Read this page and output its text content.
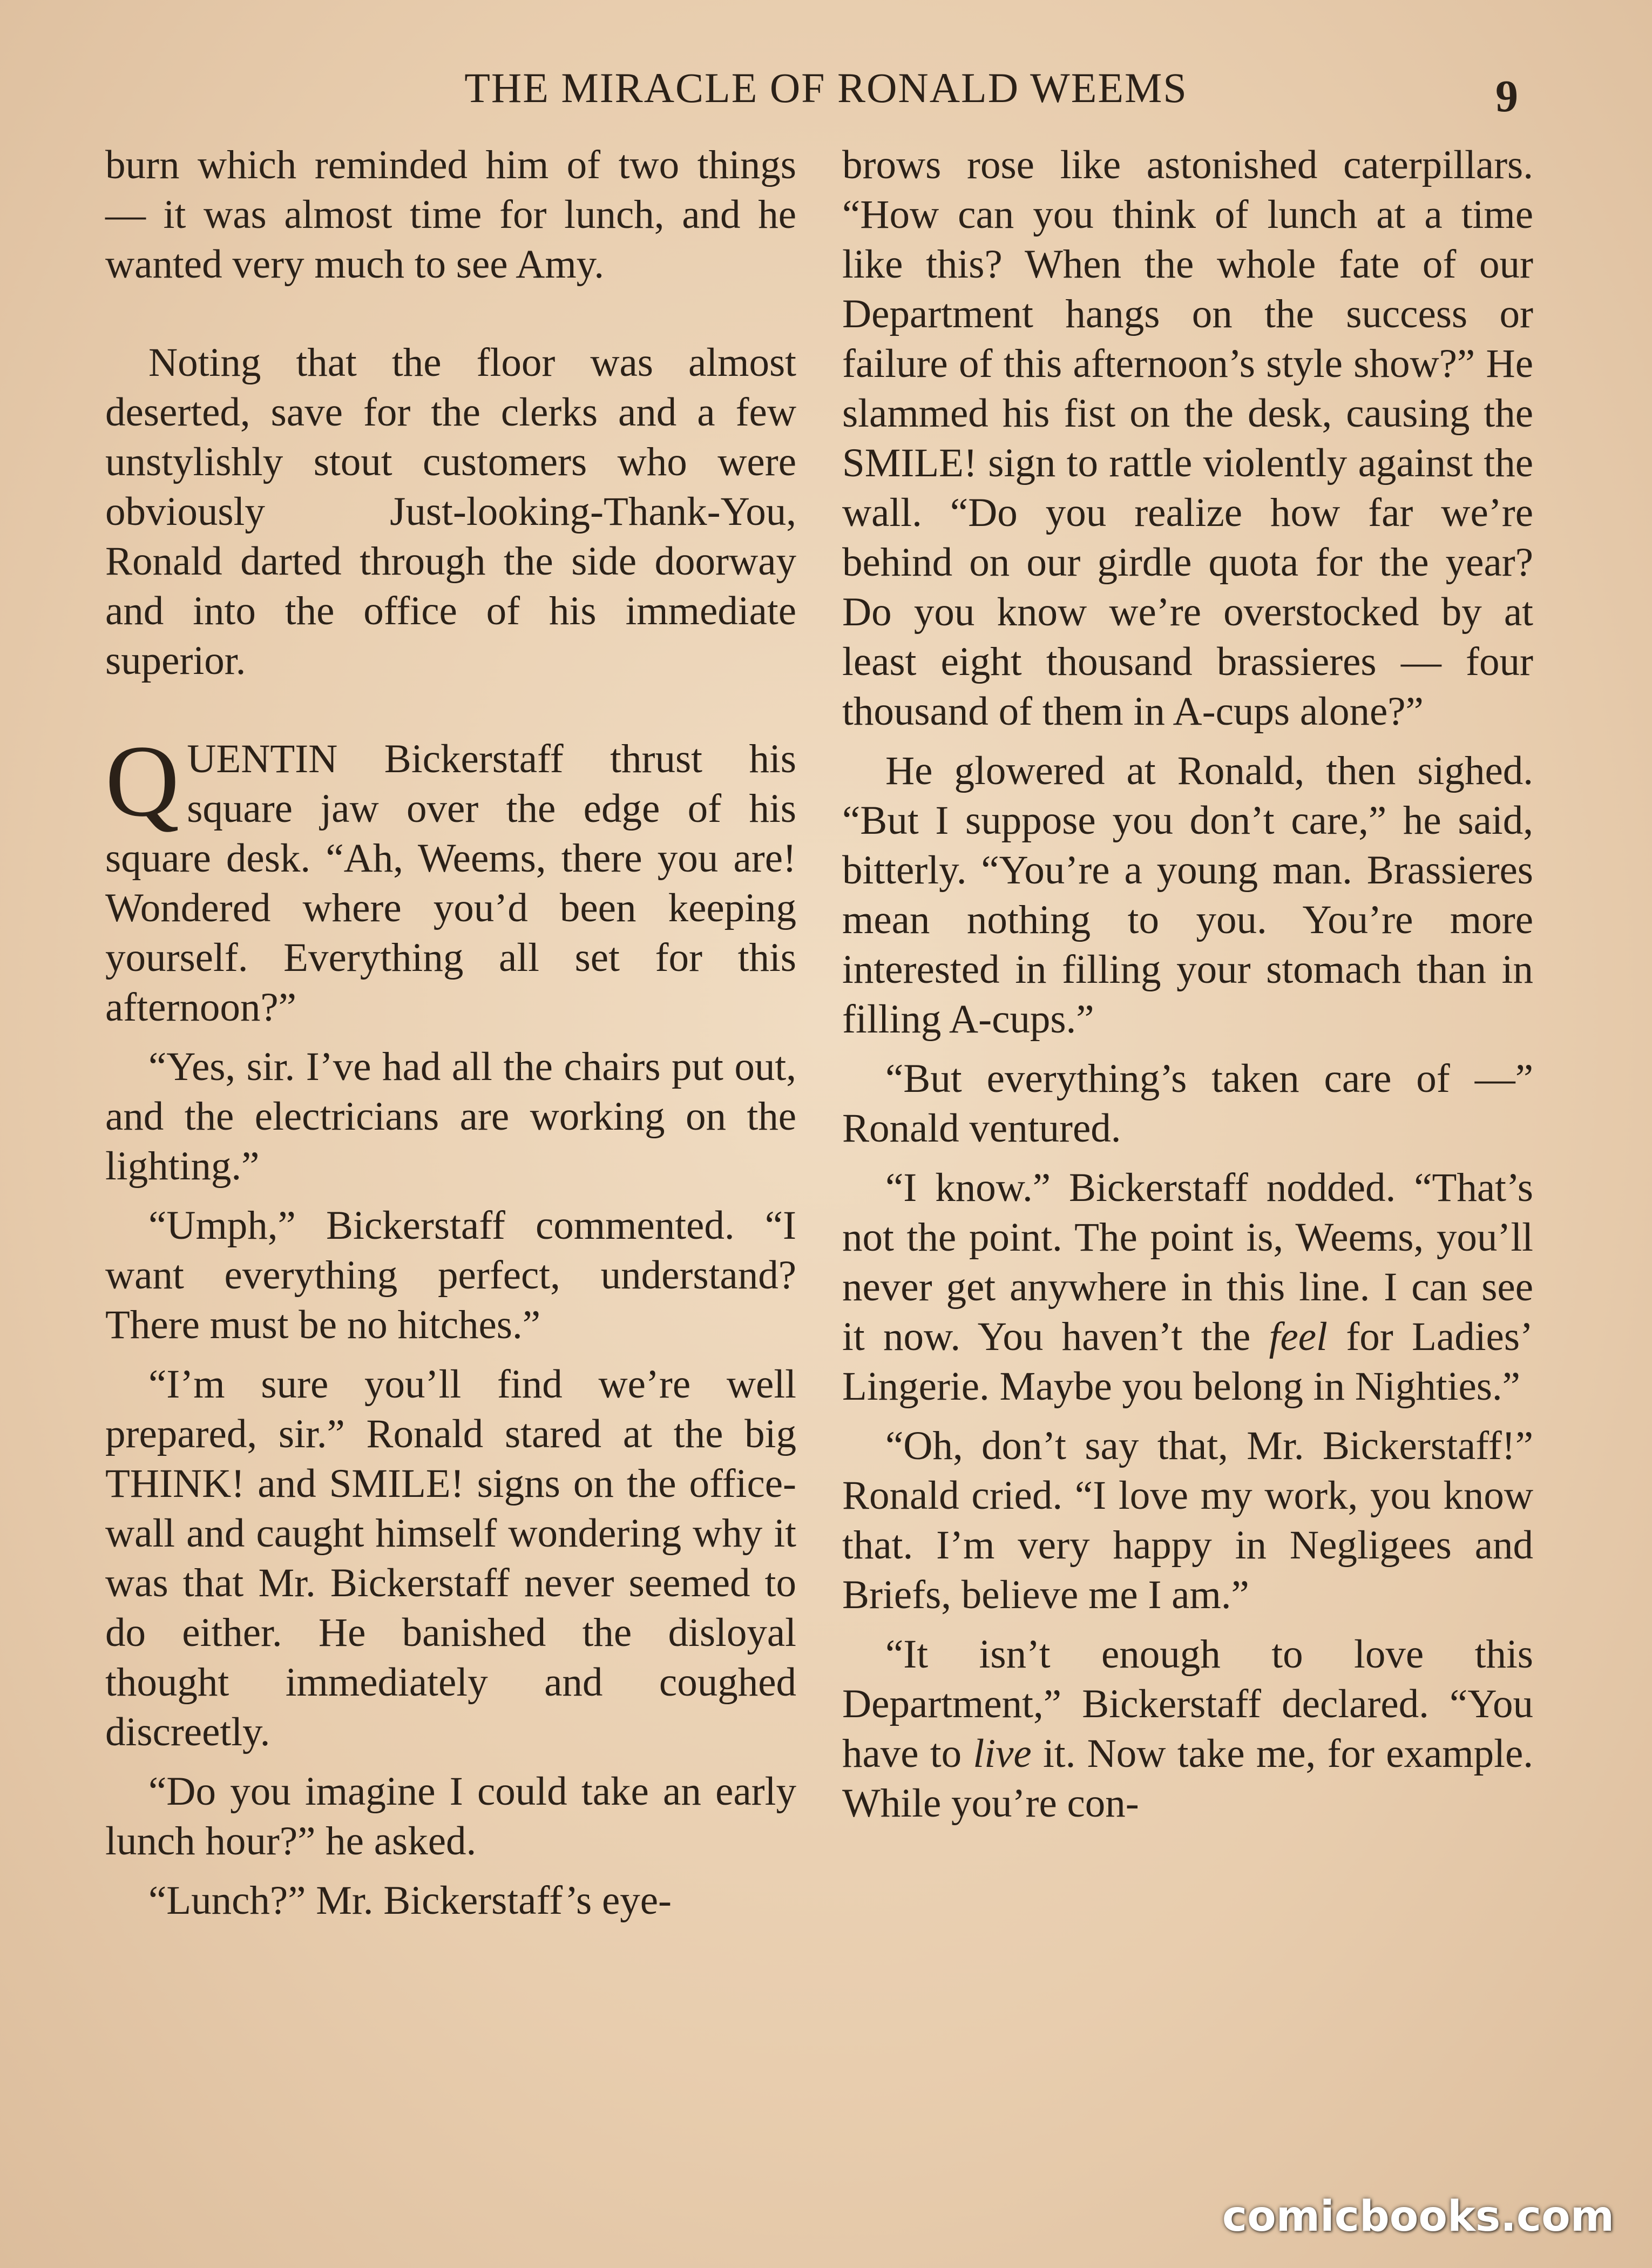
THE MIRACLE OF RONALD WEEMS	9

burn which reminded him of two things — it was almost time for lunch, and he wanted very much to see Amy.

Noting that the floor was almost deserted, save for the clerks and a few unstylishly stout customers who were obviously Just-looking-Thank-You, Ronald darted through the side doorway and into the office of his immediate superior.

QUENTIN Bickerstaff thrust his square jaw over the edge of his square desk. “Ah, Weems, there you are! Wondered where you’d been keeping yourself. Everything all set for this afternoon?”

“Yes, sir. I’ve had all the chairs put out, and the electricians are working on the lighting.”

“Umph,” Bickerstaff commented. “I want everything perfect, understand? There must be no hitches.”

“I’m sure you’ll find we’re well prepared, sir.” Ronald stared at the big THINK! and SMILE! signs on the office-wall and caught himself wondering why it was that Mr. Bickerstaff never seemed to do either. He banished the disloyal thought immediately and coughed discreetly.

“Do you imagine I could take an early lunch hour?” he asked.

“Lunch?” Mr. Bickerstaff’s eye-

brows rose like astonished caterpillars. “How can you think of lunch at a time like this? When the whole fate of our Department hangs on the success or failure of this afternoon’s style show?” He slammed his fist on the desk, causing the SMILE! sign to rattle violently against the wall. “Do you realize how far we’re behind on our girdle quota for the year? Do you know we’re overstocked by at least eight thousand brassieres — four thousand of them in A-cups alone?”

He glowered at Ronald, then sighed. “But I suppose you don’t care,” he said, bitterly. “You’re a young man. Brassieres mean nothing to you. You’re more interested in filling your stomach than in filling A-cups.”

“But everything’s taken care of —” Ronald ventured.

“I know.” Bickerstaff nodded. “That’s not the point. The point is, Weems, you’ll never get anywhere in this line. I can see it now. You haven’t the feel for Ladies’ Lingerie. Maybe you belong in Nighties.”

“Oh, don’t say that, Mr. Bickerstaff!” Ronald cried. “I love my work, you know that. I’m very happy in Negligees and Briefs, believe me I am.”

“It isn’t enough to love this Department,” Bickerstaff declared. “You have to live it. Now take me, for example. While you’re con-

comicbooks.com
